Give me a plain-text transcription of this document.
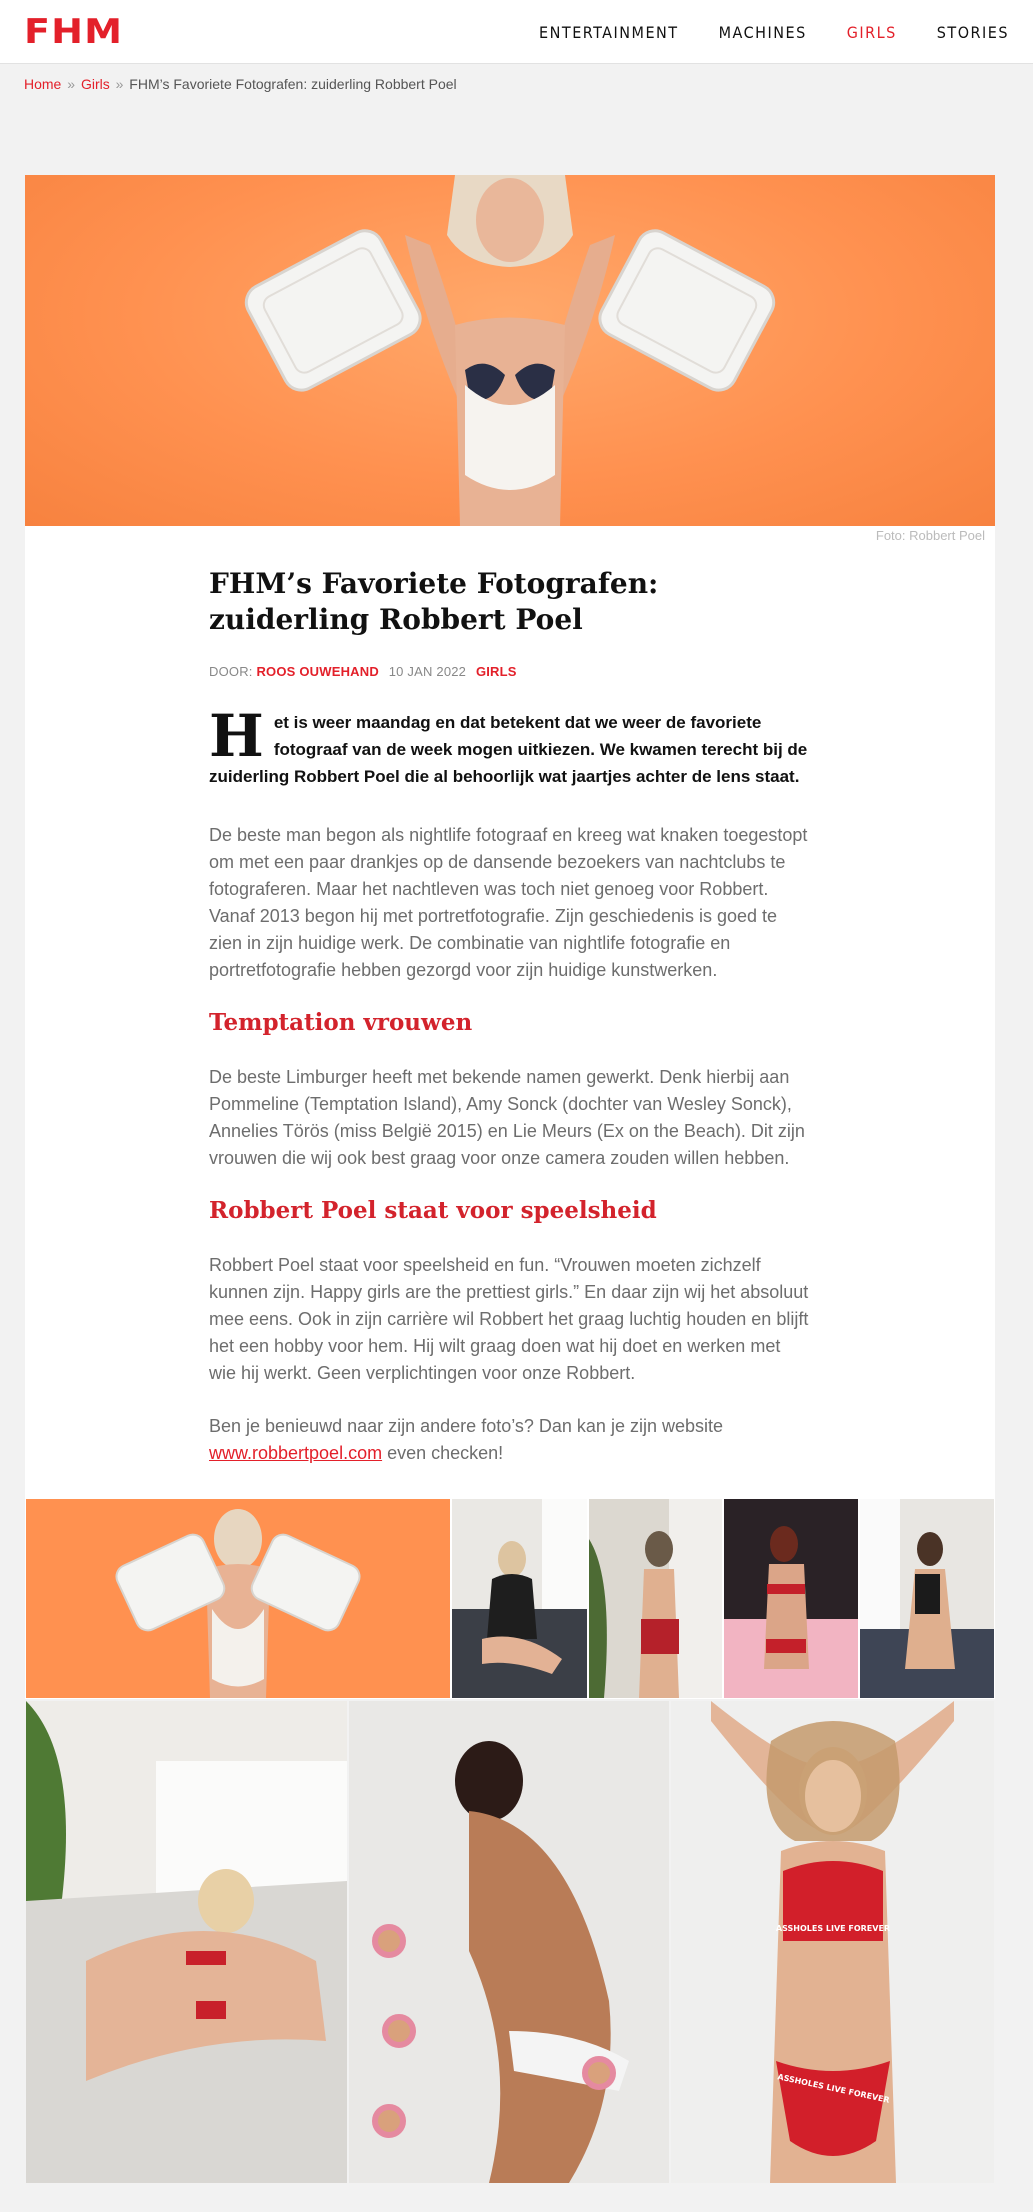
FHM	ENTERTAINMENT	MACHINES	GIRLS	STORIES
Home » Girls » FHM’s Favoriete Fotografen: zuiderling Robbert Poel
Foto: Robbert Poel
FHM’s Favoriete Fotografen: zuiderling Robbert Poel
DOOR: ROOS OUWEHAND 10 JAN 2022 GIRLS

H et is weer maandag en dat betekent dat we weer de favoriete fotograaf van de week mogen uitkiezen. We kwamen terecht bij de zuiderling Robbert Poel die al behoorlijk wat jaartjes achter de lens staat.

De beste man begon als nightlife fotograaf en kreeg wat knaken toegestopt om met een paar drankjes op de dansende bezoekers van nachtclubs te fotograferen. Maar het nachtleven was toch niet genoeg voor Robbert. Vanaf 2013 begon hij met portretfotografie. Zijn geschiedenis is goed te zien in zijn huidige werk. De combinatie van nightlife fotografie en portretfotografie hebben gezorgd voor zijn huidige kunstwerken.

Temptation vrouwen

De beste Limburger heeft met bekende namen gewerkt. Denk hierbij aan Pommeline (Temptation Island), Amy Sonck (dochter van Wesley Sonck), Annelies Törös (miss België 2015) en Lie Meurs (Ex on the Beach). Dit zijn vrouwen die wij ook best graag voor onze camera zouden willen hebben.

Robbert Poel staat voor speelsheid

Robbert Poel staat voor speelsheid en fun. “Vrouwen moeten zichzelf kunnen zijn. Happy girls are the prettiest girls.” En daar zijn wij het absoluut mee eens. Ook in zijn carrière wil Robbert het graag luchtig houden en blijft het een hobby voor hem. Hij wilt graag doen wat hij doet en werken met wie hij werkt. Geen verplichtingen voor onze Robbert.

Ben je benieuwd naar zijn andere foto’s? Dan kan je zijn website www.robbertpoel.com even checken!

ASSHOLES LIVE FOREVER
ASSHOLES LIVE FOREVER
